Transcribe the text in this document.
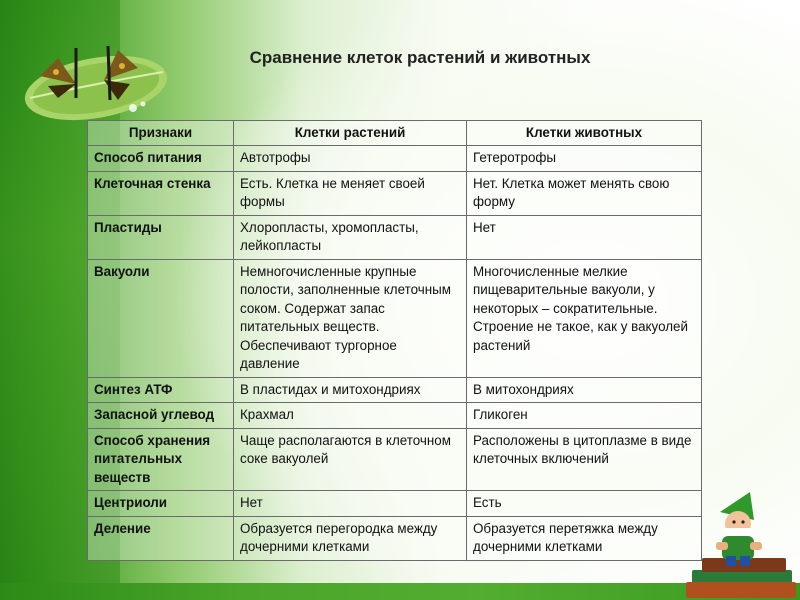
Сравнение клеток растений и животных
Признаки	Клетки растений	Клетки животных
Способ питания	Автотрофы	Гетеротрофы
Клеточная стенка	Есть. Клетка не меняет своей формы	Нет. Клетка может менять свою форму
Пластиды	Хлоропласты, хромопласты, лейкопласты	Нет
Вакуоли	Немногочисленные крупные полости, заполненные клеточным соком. Содержат запас питательных веществ. Обеспечивают тургорное давление	Многочисленные мелкие пищеварительные вакуоли, у некоторых – сократительные. Строение не такое, как у вакуолей растений
Синтез АТФ	В пластидах и митохондриях	В митохондриях
Запасной углевод	Крахмал	Гликоген
Способ хранения питательных веществ	Чаще располагаются в клеточном соке вакуолей	Расположены в цитоплазме в виде клеточных включений
Центриоли	Нет	Есть
Деление	Образуется перегородка между дочерними клетками	Образуется перетяжка между дочерними клетками
